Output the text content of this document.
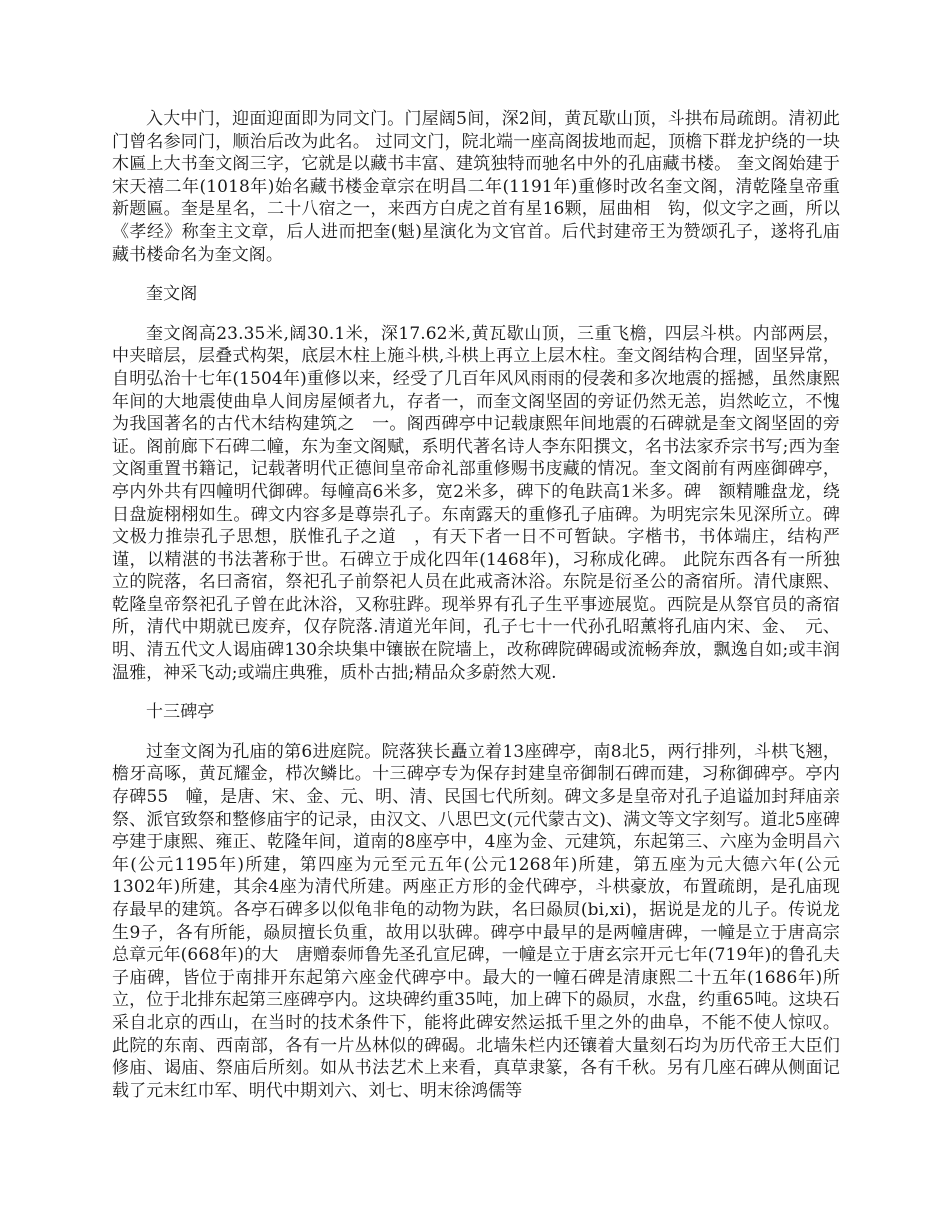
入大中门，迎面迎面即为同文门。门屋阔5间，深2间，黄瓦歇山顶，斗拱布局疏朗。清初此门曾名参同门，顺治后改为此名。 过同文门，院北端一座高阁拔地而起，顶檐下群龙护绕的一块木匾上大书奎文阁三字，它就是以藏书丰富、建筑独特而驰名中外的孔庙藏书楼。 奎文阁始建于宋天禧二年(1018年)始名藏书楼金章宗在明昌二年(1191年)重修时改名奎文阁，清乾隆皇帝重新题匾。奎是星名，二十八宿之一，来西方白虎之首有星16颗，屈曲相　钩，似文字之画，所以《孝经》称奎主文章，后人进而把奎(魁)星演化为文官首。后代封建帝王为赞颂孔子，遂将孔庙藏书楼命名为奎文阁。

奎文阁

奎文阁高23.35米,阔30.1米，深17.62米,黄瓦歇山顶，三重飞檐，四层斗栱。内部两层，中夹暗层，层叠式构架，底层木柱上施斗栱,斗栱上再立上层木柱。奎文阁结构合理，固坚异常，自明弘治十七年(1504年)重修以来，经受了几百年风风雨雨的侵袭和多次地震的摇撼，虽然康熙年间的大地震使曲阜人间房屋倾者九，存者一，而奎文阁坚固的旁证仍然无恙，岿然屹立，不愧为我国著名的古代木结构建筑之　一。阁西碑亭中记载康熙年间地震的石碑就是奎文阁坚固的旁证。阁前廊下石碑二幢，东为奎文阁赋，系明代著名诗人李东阳撰文，名书法家乔宗书写;西为奎文阁重置书籍记，记载著明代正德间皇帝命礼部重修赐书庋藏的情况。奎文阁前有两座御碑亭，亭内外共有四幢明代御碑。每幢高6米多，宽2米多，碑下的龟趺高1米多。碑　额精雕盘龙，绕日盘旋栩栩如生。碑文内容多是尊崇孔子。东南露天的重修孔子庙碑。为明宪宗朱见深所立。碑文极力推崇孔子思想，朕惟孔子之道　，有天下者一日不可暂缺。字楷书，书体端庄，结构严谨，以精湛的书法著称于世。石碑立于成化四年(1468年)，习称成化碑。 此院东西各有一所独立的院落，名曰斋宿，祭祀孔子前祭祀人员在此戒斋沐浴。东院是衍圣公的斋宿所。清代康熙、乾隆皇帝祭祀孔子曾在此沐浴，又称驻跸。现举界有孔子生平事迹展览。西院是从祭官员的斋宿所，清代中期就已废弃，仅存院落.清道光年间，孔子七十一代孙孔昭薰将孔庙内宋、金、　元、明、清五代文人谒庙碑130余块集中镶嵌在院墙上，改称碑院碑碣或流畅奔放，飘逸自如;或丰润温雅，神采飞动;或端庄典雅，质朴古拙;精品众多蔚然大观.

十三碑亭

过奎文阁为孔庙的第6进庭院。院落狭长矗立着13座碑亭，南8北5，两行排列，斗栱飞翘，檐牙高啄，黄瓦耀金，栉次鳞比。十三碑亭专为保存封建皇帝御制石碑而建，习称御碑亭。亭内存碑55　幢，是唐、宋、金、元、明、清、民国七代所刻。碑文多是皇帝对孔子追谥加封拜庙亲祭、派官致祭和整修庙宇的记录，由汉文、八思巴文(元代蒙古文)、满文等文字刻写。道北5座碑亭建于康熙、雍正、乾隆年间，道南的8座亭中，4座为金、元建筑，东起第三、六座为金明昌六年(公元1195年)所建，第四座为元至元五年(公元1268年)所建，第五座为元大德六年(公元1302年)所建，其余4座为清代所建。两座正方形的金代碑亭，斗栱豪放，布置疏朗，是孔庙现存最早的建筑。各亭石碑多以似龟非龟的动物为趺，名曰赑屃(bi,xi)，据说是龙的儿子。传说龙生9子，各有所能，赑屃擅长负重，故用以驮碑。碑亭中最早的是两幢唐碑，一幢是立于唐高宗总章元年(668年)的大　唐赠泰师鲁先圣孔宣尼碑，一幢是立于唐玄宗开元七年(719年)的鲁孔夫子庙碑，皆位于南排开东起第六座金代碑亭中。最大的一幢石碑是清康熙二十五年(1686年)所立，位于北排东起第三座碑亭内。这块碑约重35吨，加上碑下的赑屃，水盘，约重65吨。这块石采自北京的西山，在当时的技术条件下，能将此碑安然运抵千里之外的曲阜，不能不使人惊叹。 此院的东南、西南部，各有一片丛林似的碑碣。北墙朱栏内还镶着大量刻石均为历代帝王大臣们修庙、谒庙、祭庙后所刻。如从书法艺术上来看，真草隶篆，各有千秋。另有几座石碑从侧面记载了元末红巾军、明代中期刘六、刘七、明末徐鸿儒等
